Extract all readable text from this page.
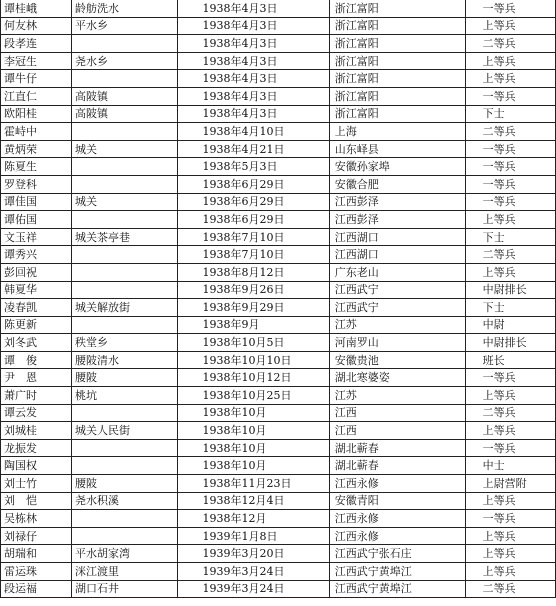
谭桂峨	龄舫洗水	1938年4月3日	浙江富阳	一等兵
何友林	平水乡	1938年4月3日	浙江富阳	上等兵
段孝连		1938年4月3日	浙江富阳	二等兵
李冠生	尧水乡	1938年4月3日	浙江富阳	上等兵
谭牛仔		1938年4月3日	浙江富阳	上等兵
江直仁	高陂镇	1938年4月3日	浙江富阳	一等兵
欧阳桂	高陂镇	1938年4月3日	浙江富阳	下士
霍峙中		1938年4月10日	上海	二等兵
黄炳荣	城关	1938年4月21日	山东峄县	一等兵
陈夏生		1938年5月3日	安徽孙家埠	一等兵
罗登科		1938年6月29日	安徽合肥	一等兵
谭佳国	城关	1938年6月29日	江西彭泽	一等兵
谭佑国		1938年6月29日	江西彭泽	上等兵
文玉祥	城关茶亭巷	1938年7月10日	江西湖口	下士
谭秀兴		1938年7月10日	江西湖口	二等兵
彭回祝		1938年8月12日	广东老山	上等兵
韩夏华		1938年9月26日	江西武宁	中尉排长
凌春凯	城关解放街	1938年9月29日	江西武宁	下士
陈更新		1938年9月	江苏	中尉
刘冬武	秩堂乡	1938年10月5日	河南罗山	中尉排长
谭　俊	腰陂清水	1938年10月10日	安徽贵池	班长
尹　恩	腰陂	1938年10月12日	湖北寒婆姿	一等兵
萧广时	桃坑	1938年10月25日	江苏	上等兵
谭云发		1938年10月	江西	二等兵
刘城桂	城关人民街	1938年10月	江西	上等兵
龙振发		1938年10月	湖北蕲春	一等兵
陶国权		1938年10月	湖北蕲春	中士
刘士竹	腰陂	1938年11月23日	江西永修	上尉营附
刘　恺	尧水积溪	1938年12月4日	安徽青阳	上等兵
吴栋林		1938年12月	江西永修	一等兵
刘禄仔		1939年1月8日	江西永修	上等兵
胡瑞和	平水胡家湾	1939年3月20日	江西武宁张石庄	上等兵
雷运珠	洣江渡里	1939年3月24日	江西武宁黄埠江	上等兵
段运福	湖口石井	1939年3月24日	江西武宁黄埠江	二等兵
